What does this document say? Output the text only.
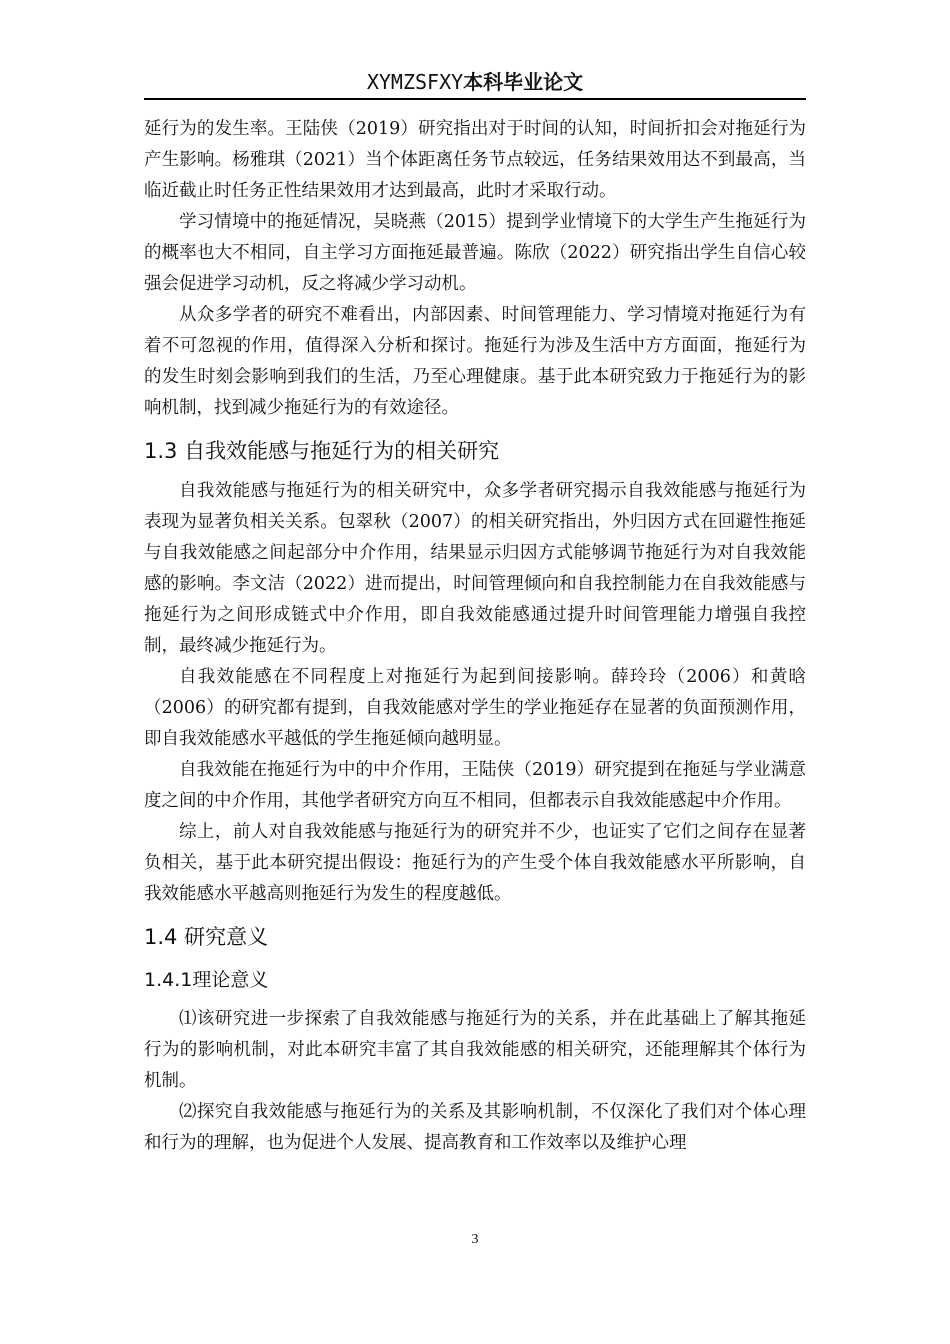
XYMZSFXY本科毕业论文

延行为的发生率。王陆侠（2019）研究指出对于时间的认知，时间折扣会对拖延行为产生影响。杨雅琪（2021）当个体距离任务节点较远，任务结果效用达不到最高，当临近截止时任务正性结果效用才达到最高，此时才采取行动。

学习情境中的拖延情况，吴晓燕（2015）提到学业情境下的大学生产生拖延行为的概率也大不相同，自主学习方面拖延最普遍。陈欣（2022）研究指出学生自信心较强会促进学习动机，反之将减少学习动机。

从众多学者的研究不难看出，内部因素、时间管理能力、学习情境对拖延行为有着不可忽视的作用，值得深入分析和探讨。拖延行为涉及生活中方方面面，拖延行为的发生时刻会影响到我们的生活，乃至心理健康。基于此本研究致力于拖延行为的影响机制，找到减少拖延行为的有效途径。

1.3 自我效能感与拖延行为的相关研究

自我效能感与拖延行为的相关研究中，众多学者研究揭示自我效能感与拖延行为表现为显著负相关关系。包翠秋（2007）的相关研究指出，外归因方式在回避性拖延与自我效能感之间起部分中介作用，结果显示归因方式能够调节拖延行为对自我效能感的影响。李文洁（2022）进而提出，时间管理倾向和自我控制能力在自我效能感与拖延行为之间形成链式中介作用，即自我效能感通过提升时间管理能力增强自我控制，最终减少拖延行为。

自我效能感在不同程度上对拖延行为起到间接影响。薛玲玲（2006）和黄晗（2006）的研究都有提到，自我效能感对学生的学业拖延存在显著的负面预测作用，即自我效能感水平越低的学生拖延倾向越明显。

自我效能在拖延行为中的中介作用，王陆侠（2019）研究提到在拖延与学业满意度之间的中介作用，其他学者研究方向互不相同，但都表示自我效能感起中介作用。

综上，前人对自我效能感与拖延行为的研究并不少，也证实了它们之间存在显著负相关，基于此本研究提出假设：拖延行为的产生受个体自我效能感水平所影响，自我效能感水平越高则拖延行为发生的程度越低。

1.4 研究意义
1.4.1理论意义

⑴该研究进一步探索了自我效能感与拖延行为的关系，并在此基础上了解其拖延行为的影响机制，对此本研究丰富了其自我效能感的相关研究，还能理解其个体行为机制。

⑵探究自我效能感与拖延行为的关系及其影响机制，不仅深化了我们对个体心理和行为的理解，也为促进个人发展、提高教育和工作效率以及维护心理

3
